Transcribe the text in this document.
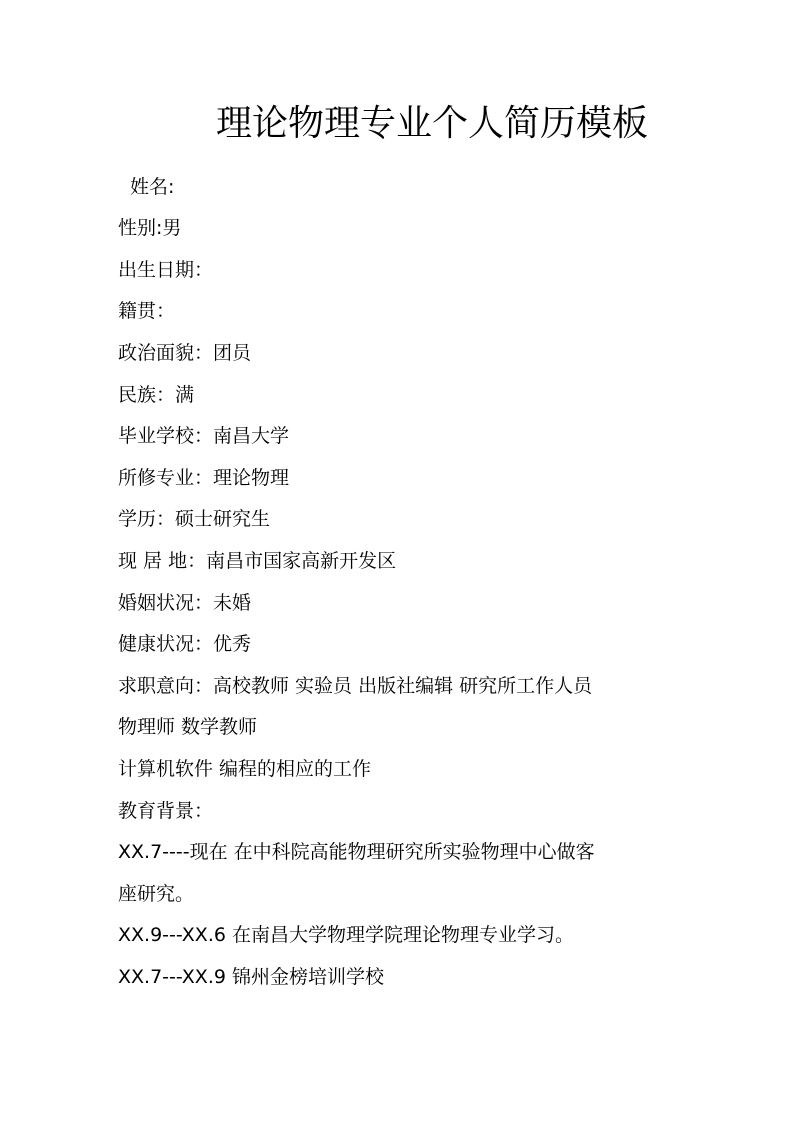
理论物理专业个人简历模板
姓名:
性别:男
出生日期：
籍贯：
政治面貌：团员
民族：满
毕业学校：南昌大学
所修专业：理论物理
学历：硕士研究生
现 居 地：南昌市国家高新开发区
婚姻状况：未婚
健康状况：优秀
求职意向：高校教师 实验员 出版社编辑 研究所工作人员
物理师 数学教师
计算机软件 编程的相应的工作
教育背景：
XX.7----现在 在中科院高能物理研究所实验物理中心做客
座研究。
XX.9---XX.6 在南昌大学物理学院理论物理专业学习。
XX.7---XX.9 锦州金榜培训学校
